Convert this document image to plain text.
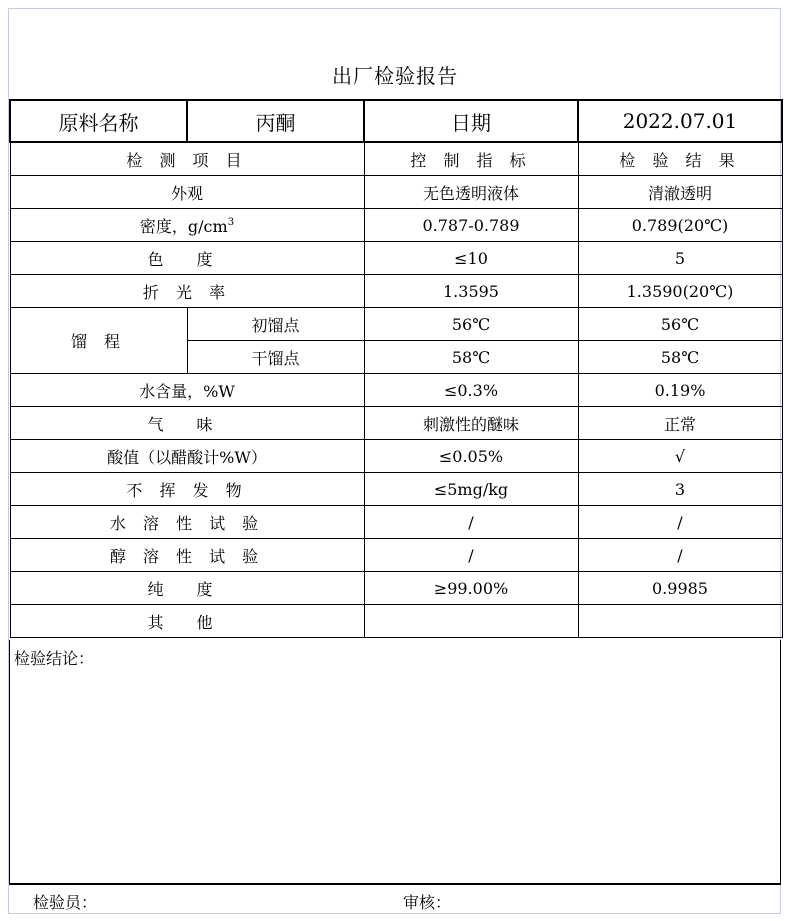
出厂检验报告
原料名称	丙酮	日期	2022.07.01
检 测 项 目		控 制 指 标	检 验 结 果
外观		无色透明液体	清澈透明
密度，$g/cm^3$		0.787-0.789	0.789(20℃)
色 度		≤10	5
折 光 率		1.3595	1.3590(20℃)
馏 程	初馏点	56℃	56℃
	干馏点	58℃	58℃
水含量，%W		≤0.3%	0.19%
气 味		刺激性的醚味	正常
酸值（以醋酸计%W）		≤0.05%	√
不 挥 发 物		≤5mg/kg	3
水 溶 性 试 验		/	/
醇 溶 性 试 验		/	/
纯 度		≥99.00%	0.9985
其 他			
检验结论：
检验员：	审核：
